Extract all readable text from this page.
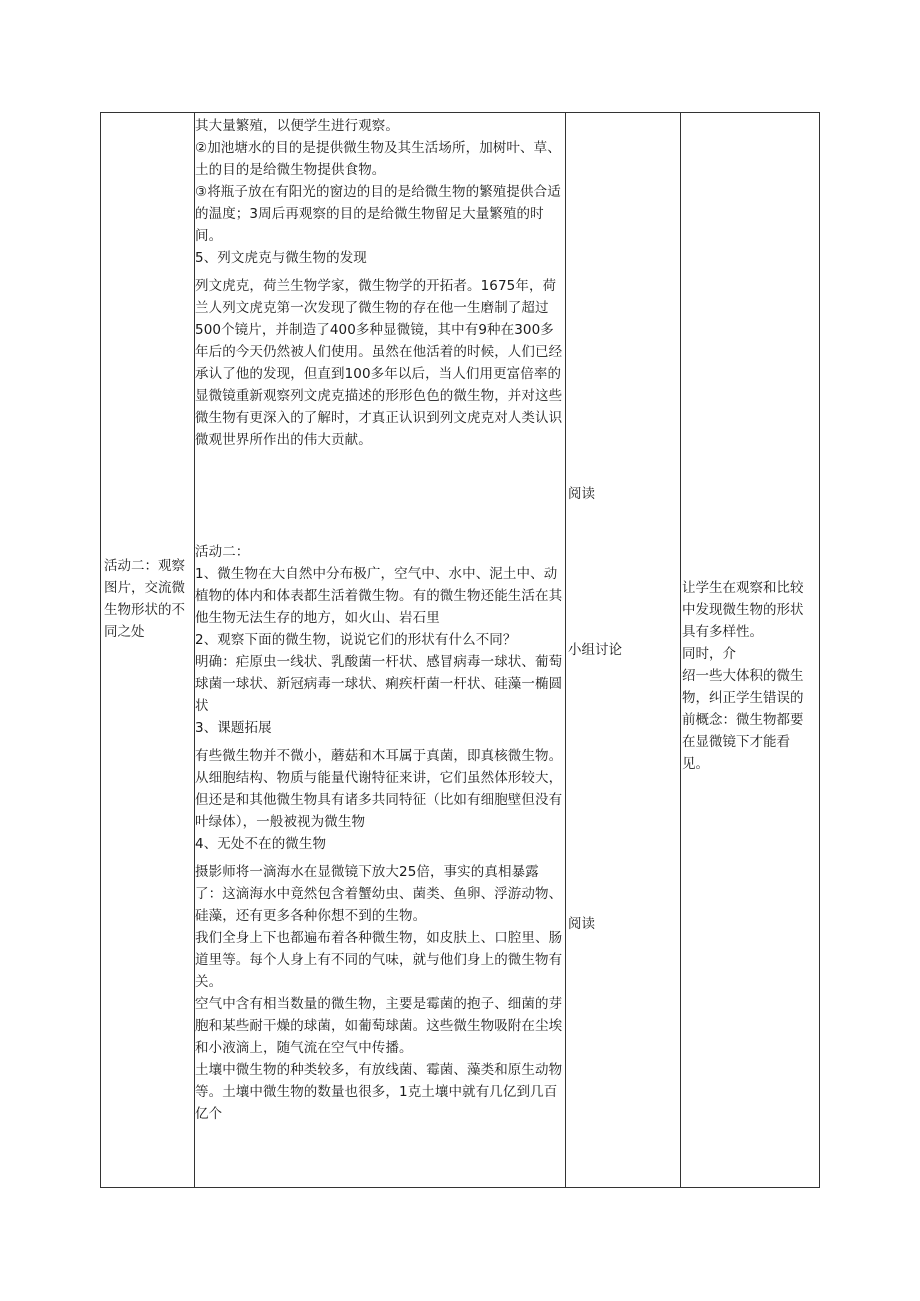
活动二：观察图片，交流微生物形状的不同之处

其大量繁殖，以便学生进行观察。

②加池塘水的目的是提供微生物及其生活场所，加树叶、草、土的目的是给微生物提供食物。

③将瓶子放在有阳光的窗边的目的是给微生物的繁殖提供合适的温度；3周后再观察的目的是给微生物留足大量繁殖的时间。

5、列文虎克与微生物的发现

列文虎克，荷兰生物学家，微生物学的开拓者。1675年，荷兰人列文虎克第一次发现了微生物的存在他一生磨制了超过500个镜片，并制造了400多种显微镜，其中有9种在300多年后的今天仍然被人们使用。虽然在他活着的时候，人们已经承认了他的发现，但直到100多年以后，当人们用更富倍率的显微镜重新观察列文虎克描述的形形色色的微生物，并对这些微生物有更深入的了解时，才真正认识到列文虎克对人类认识微观世界所作出的伟大贡献。

活动二：

1、微生物在大自然中分布极广，空气中、水中、泥土中、动植物的体内和体表都生活着微生物。有的微生物还能生活在其他生物无法生存的地方，如火山、岩石里

2、观察下面的微生物，说说它们的形状有什么不同？

明确：疟原虫一线状、乳酸菌一杆状、感冒病毒一球状、葡萄球菌一球状、新冠病毒一球状、痢疾杆菌一杆状、硅藻一椭圆状

3、课题拓展

有些微生物并不微小，蘑菇和木耳属于真菌，即真核微生物。从细胞结构、物质与能量代谢特征来讲，它们虽然体形较大，但还是和其他微生物具有诸多共同特征（比如有细胞壁但没有叶绿体），一般被视为微生物

4、无处不在的微生物

摄影师将一滴海水在显微镜下放大25倍，事实的真相暴露了：这滴海水中竟然包含着蟹幼虫、菌类、鱼卵、浮游动物、硅藻，还有更多各种你想不到的生物。

我们全身上下也都遍布着各种微生物，如皮肤上、口腔里、肠道里等。每个人身上有不同的气味，就与他们身上的微生物有关。

空气中含有相当数量的微生物，主要是霉菌的抱子、细菌的芽胞和某些耐干燥的球菌，如葡萄球菌。这些微生物吸附在尘埃和小液滴上，随气流在空气中传播。

土壤中微生物的种类较多，有放线菌、霉菌、藻类和原生动物等。土壤中微生物的数量也很多，1克土壤中就有几亿到几百亿个

阅读
小组讨论
阅读

让学生在观察和比较中发现微生物的形状具有多样性。

同时，介

绍一些大体积的微生物，纠正学生错误的前概念：微生物都要在显微镜下才能看见。
